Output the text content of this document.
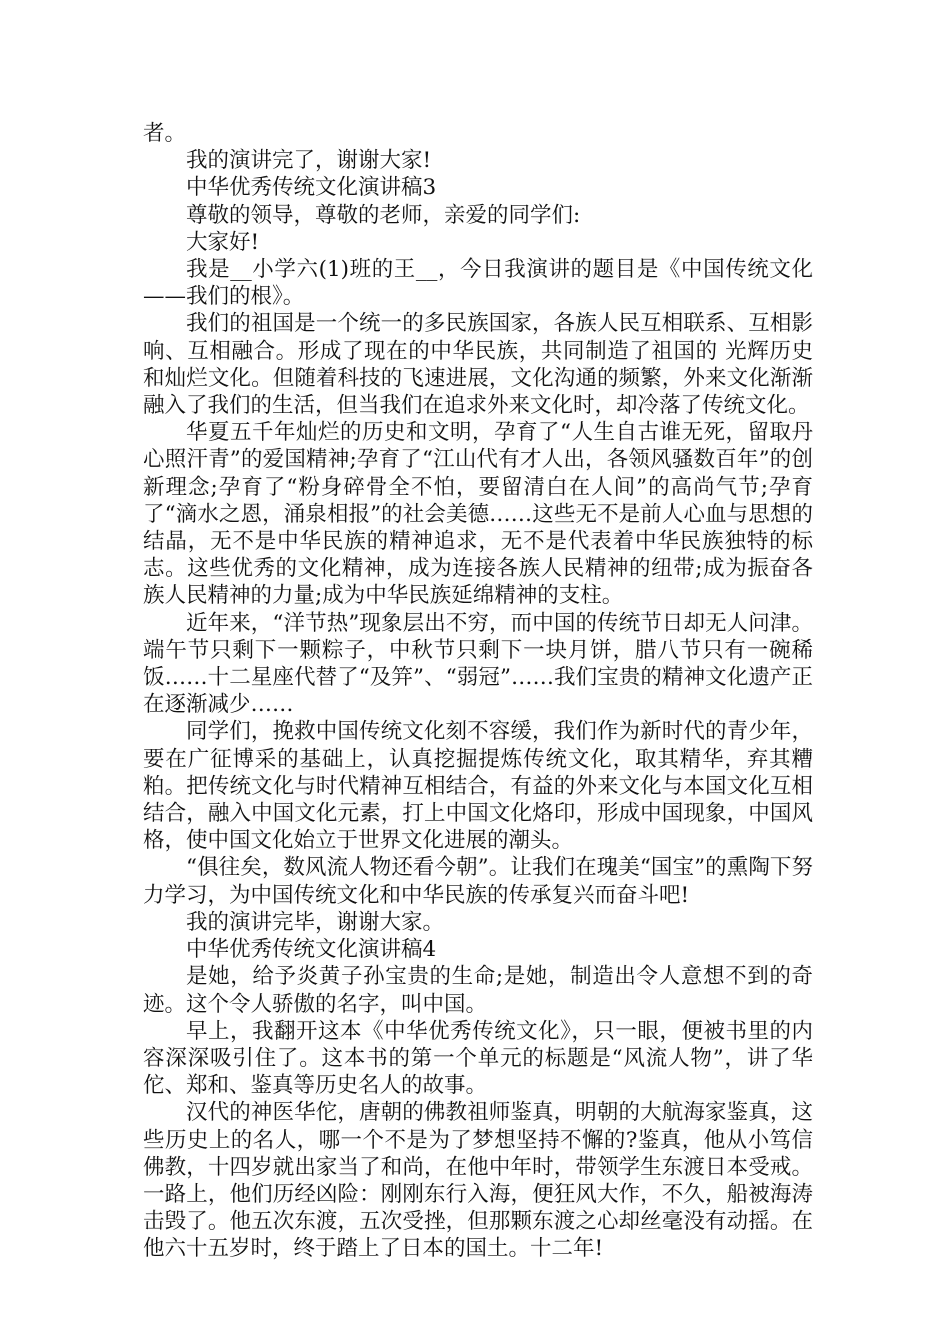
者。

我的演讲完了，谢谢大家!

中华优秀传统文化演讲稿3

尊敬的领导，尊敬的老师，亲爱的同学们:

大家好!

我是__小学六(1)班的王__，今日我演讲的题目是《中国传统文化——我们的根》。

我们的祖国是一个统一的多民族国家，各族人民互相联系、互相影响、互相融合。形成了现在的中华民族，共同制造了祖国的 光辉历史和灿烂文化。但随着科技的飞速进展，文化沟通的频繁，外来文化渐渐融入了我们的生活，但当我们在追求外来文化时，却冷落了传统文化。

华夏五千年灿烂的历史和文明，孕育了“人生自古谁无死，留取丹心照汗青”的爱国精神;孕育了“江山代有才人出，各领风骚数百年”的创新理念;孕育了“粉身碎骨全不怕，要留清白在人间”的高尚气节;孕育了“滴水之恩，涌泉相报”的社会美德……这些无不是前人心血与思想的结晶，无不是中华民族的精神追求，无不是代表着中华民族独特的标志。这些优秀的文化精神，成为连接各族人民精神的纽带;成为振奋各族人民精神的力量;成为中华民族延绵精神的支柱。

近年来，“洋节热”现象层出不穷，而中国的传统节日却无人问津。端午节只剩下一颗粽子，中秋节只剩下一块月饼，腊八节只有一碗稀饭……十二星座代替了“及笄”、“弱冠”……我们宝贵的精神文化遗产正在逐渐减少……

同学们，挽救中国传统文化刻不容缓，我们作为新时代的青少年，要在广征博采的基础上，认真挖掘提炼传统文化，取其精华，弃其糟粕。把传统文化与时代精神互相结合，有益的外来文化与本国文化互相结合，融入中国文化元素，打上中国文化烙印，形成中国现象，中国风格，使中国文化始立于世界文化进展的潮头。

“俱往矣，数风流人物还看今朝”。让我们在瑰美“国宝”的熏陶下努力学习，为中国传统文化和中华民族的传承复兴而奋斗吧!

我的演讲完毕，谢谢大家。

中华优秀传统文化演讲稿4

是她，给予炎黄子孙宝贵的生命;是她，制造出令人意想不到的奇迹。这个令人骄傲的名字，叫中国。

早上，我翻开这本《中华优秀传统文化》，只一眼，便被书里的内容深深吸引住了。这本书的第一个单元的标题是“风流人物”，讲了华佗、郑和、鉴真等历史名人的故事。

汉代的神医华佗，唐朝的佛教祖师鉴真，明朝的大航海家鉴真，这些历史上的名人，哪一个不是为了梦想坚持不懈的?鉴真，他从小笃信佛教，十四岁就出家当了和尚，在他中年时，带领学生东渡日本受戒。一路上，他们历经凶险：刚刚东行入海，便狂风大作，不久，船被海涛击毁了。他五次东渡，五次受挫，但那颗东渡之心却丝毫没有动摇。在他六十五岁时，终于踏上了日本的国土。十二年!
